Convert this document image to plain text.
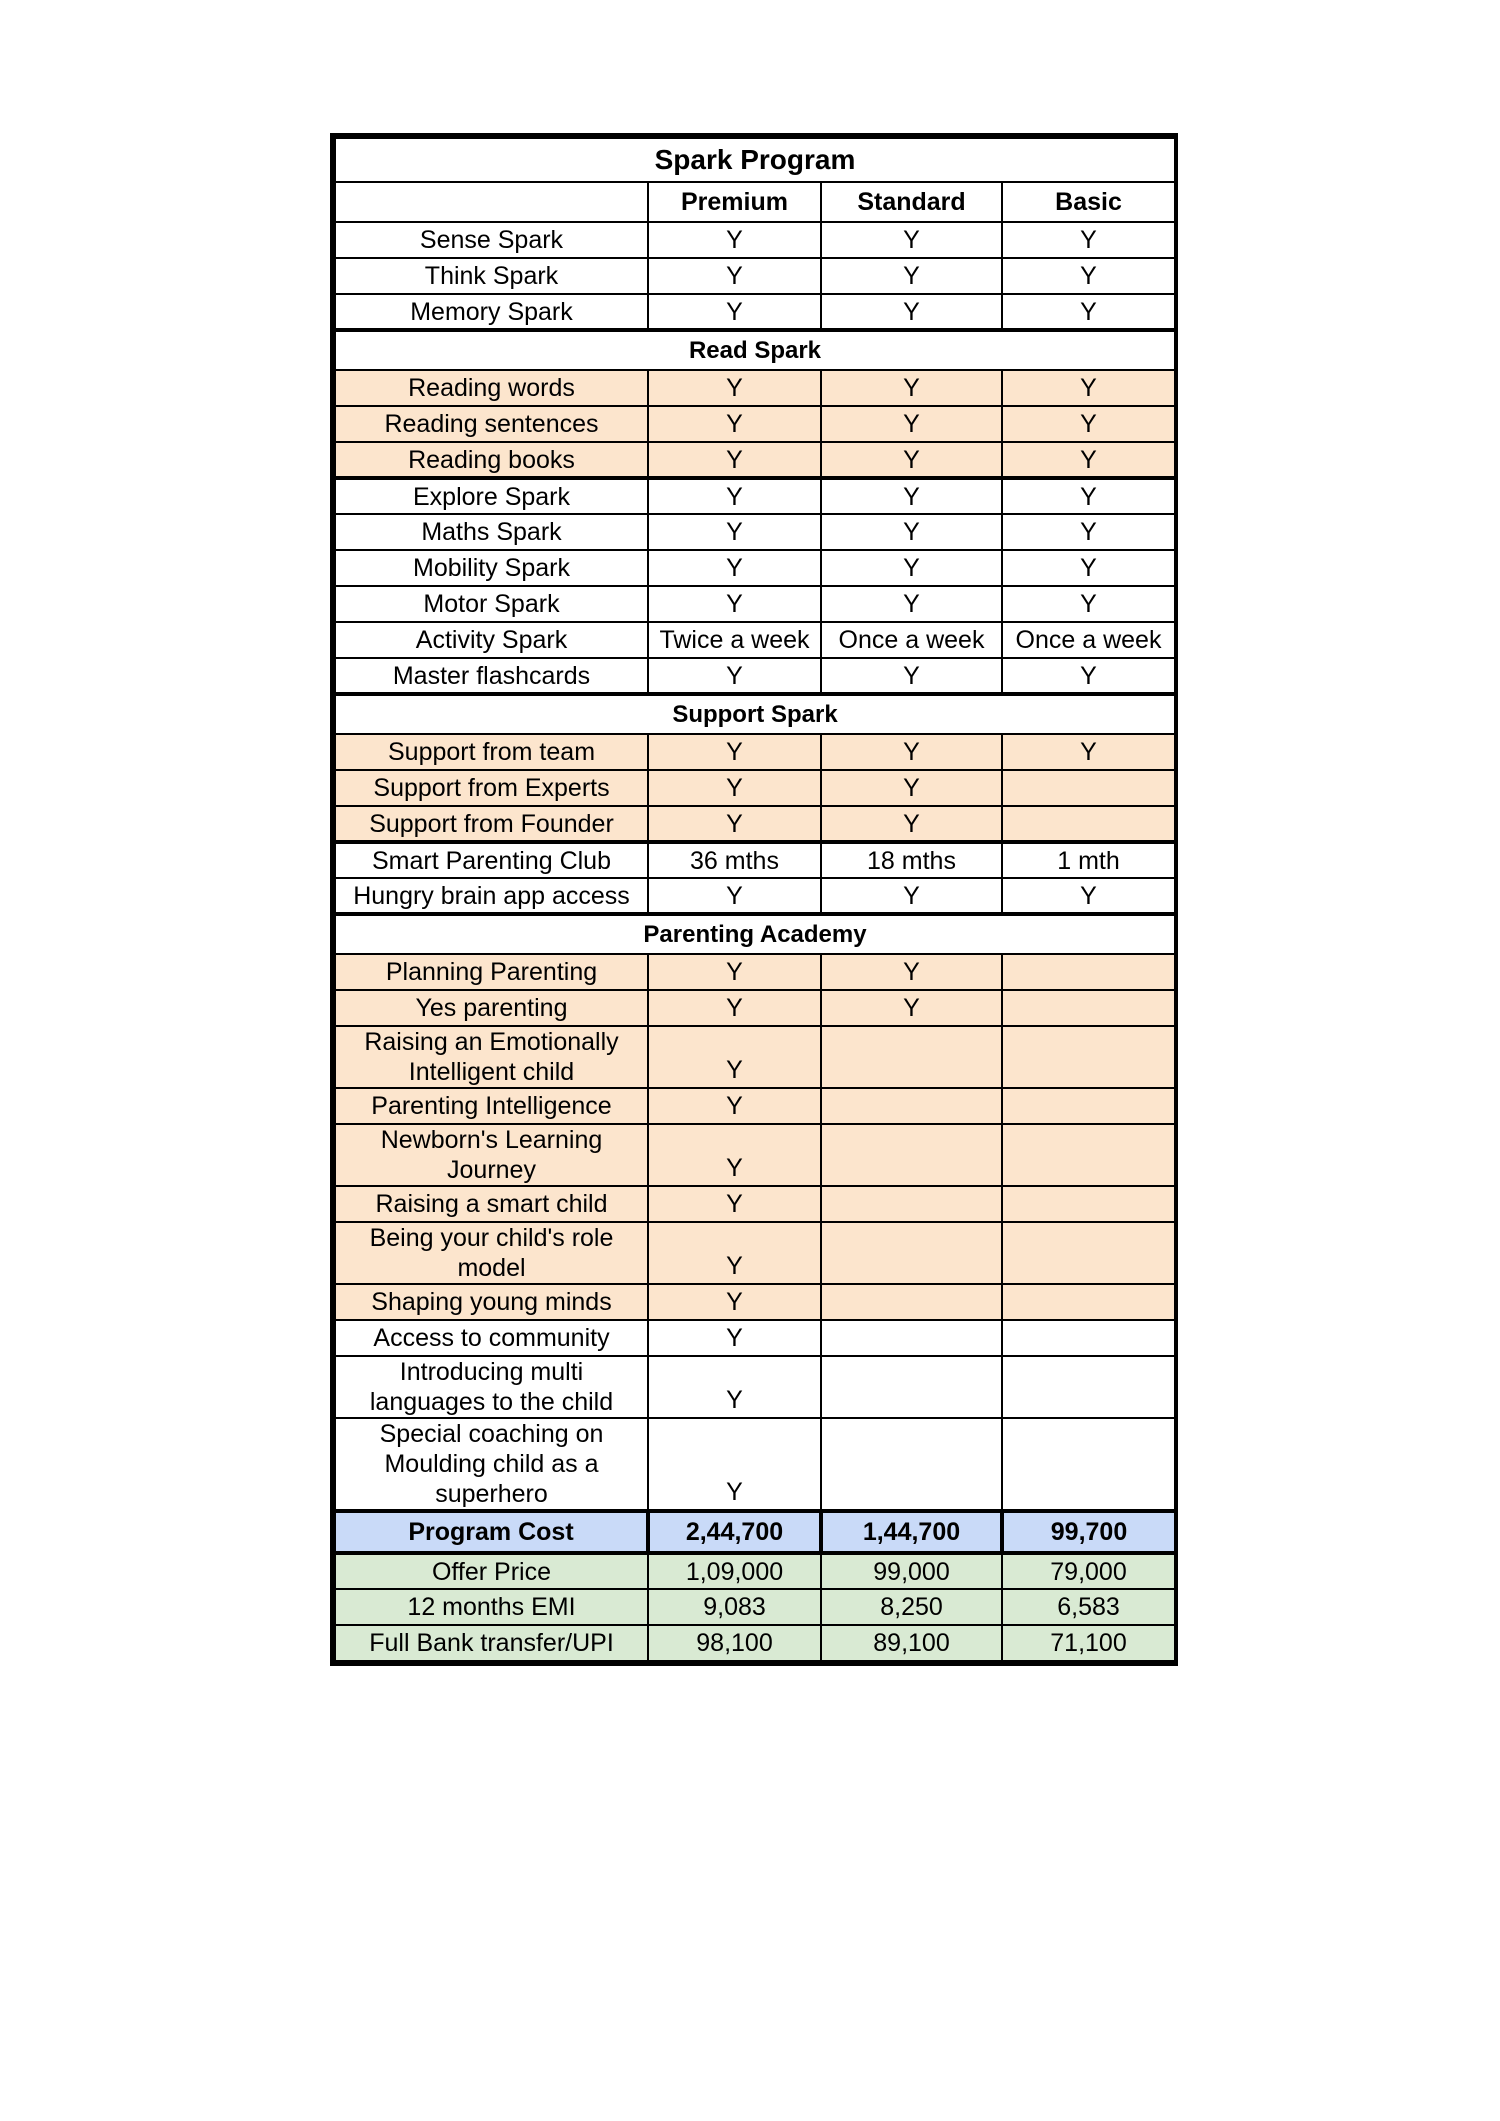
Spark Program			
	Premium	Standard	Basic
Sense Spark	Y	Y	Y
Think Spark	Y	Y	Y
Memory Spark	Y	Y	Y
Read Spark			
Reading words	Y	Y	Y
Reading sentences	Y	Y	Y
Reading books	Y	Y	Y
Explore Spark	Y	Y	Y
Maths Spark	Y	Y	Y
Mobility Spark	Y	Y	Y
Motor Spark	Y	Y	Y
Activity Spark	Twice a week	Once a week	Once a week
Master flashcards	Y	Y	Y
Support Spark			
Support from team	Y	Y	Y
Support from Experts	Y	Y	
Support from Founder	Y	Y	
Smart Parenting Club	36 mths	18 mths	1 mth
Hungry brain app access	Y	Y	Y
Parenting Academy			
Planning Parenting	Y	Y	
Yes parenting	Y	Y	
Raising an Emotionally Intelligent child	Y		
Parenting Intelligence	Y		
Newborn's Learning Journey	Y		
Raising a smart child	Y		
Being your child's role model	Y		
Shaping young minds	Y		
Access to community	Y		
Introducing multi languages to the child	Y		
Special coaching on Moulding child as a superhero	Y		
Program Cost	2,44,700	1,44,700	99,700
Offer Price	1,09,000	99,000	79,000
12 months EMI	9,083	8,250	6,583
Full Bank transfer/UPI	98,100	89,100	71,100
